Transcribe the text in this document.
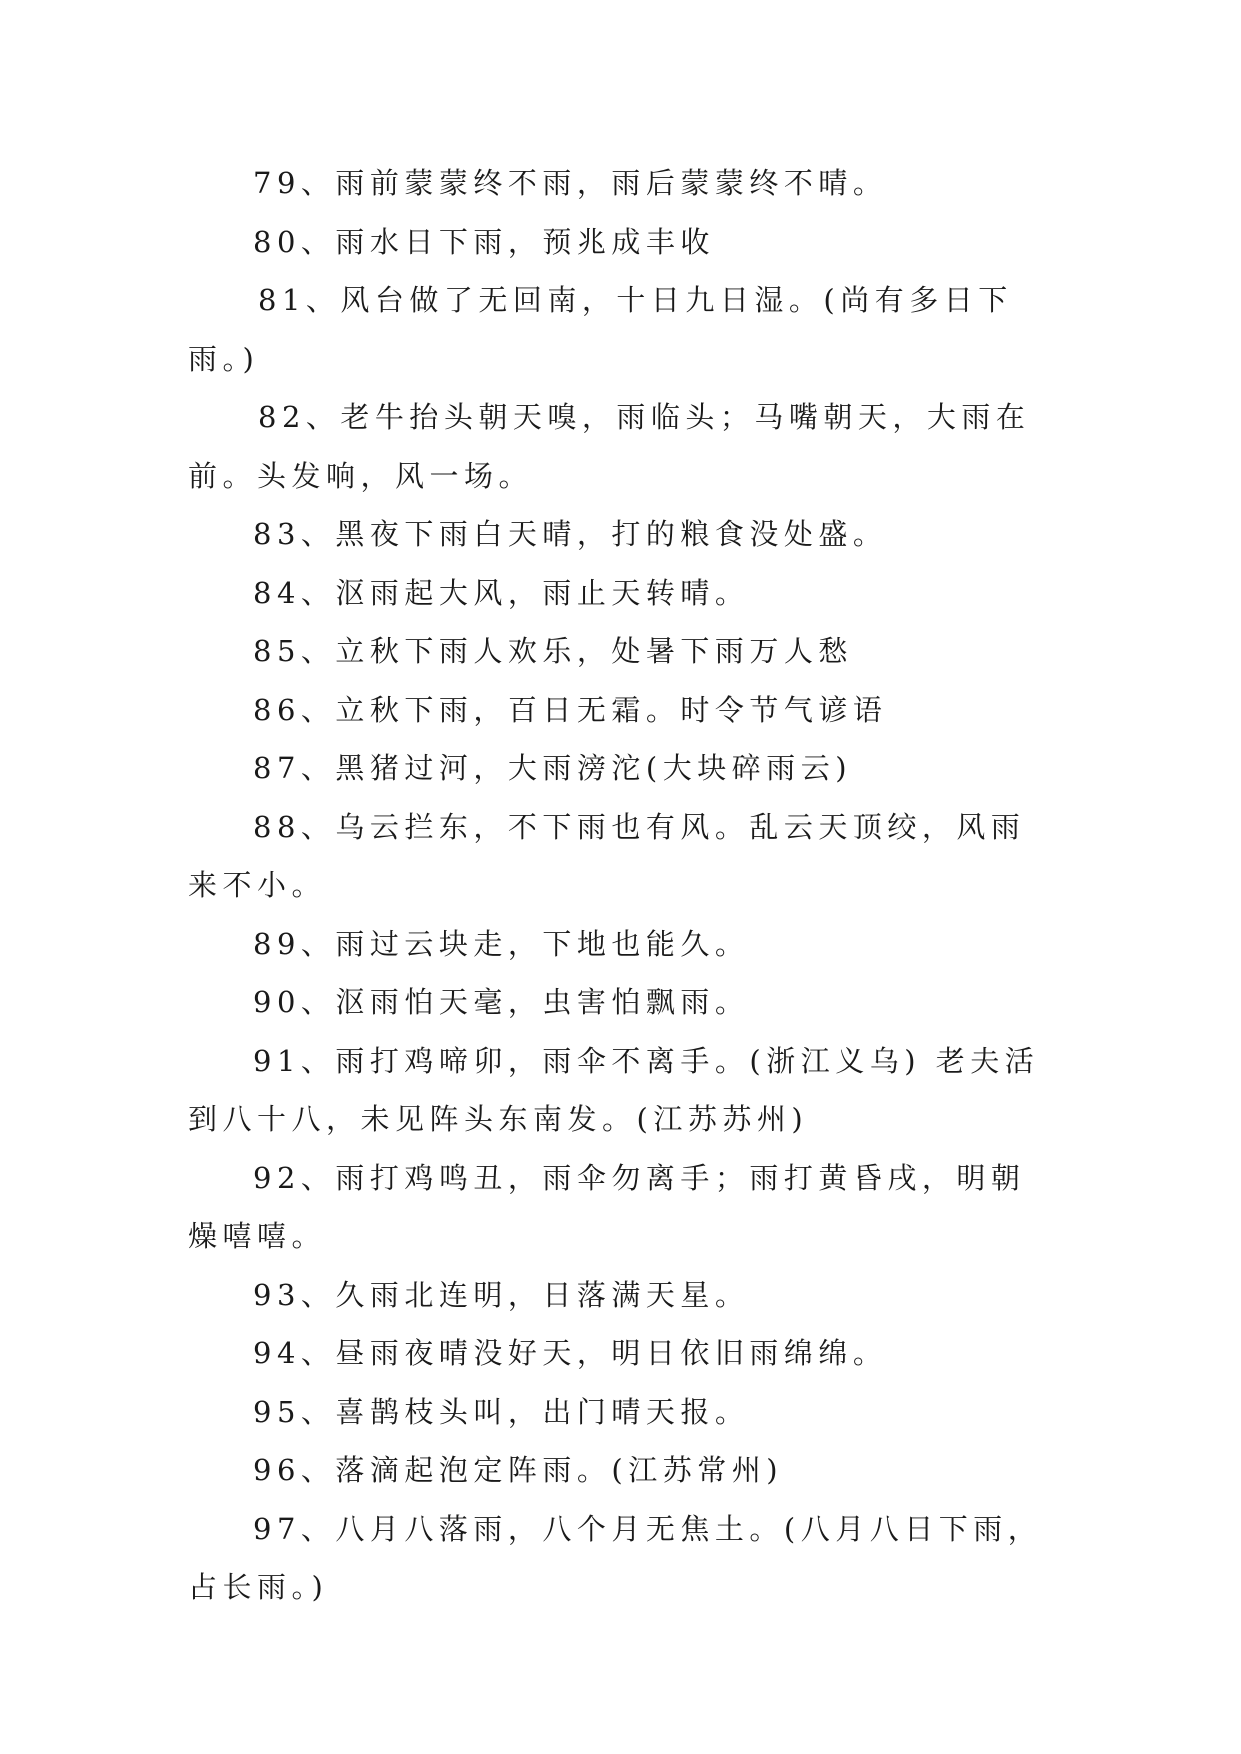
79、雨前蒙蒙终不雨，雨后蒙蒙终不晴。

80、雨水日下雨，预兆成丰收

81、风台做了无回南，十日九日湿。(尚有多日下雨。)

82、老牛抬头朝天嗅，雨临头；马嘴朝天，大雨在前。头发响，风一场。

83、黑夜下雨白天晴，打的粮食没处盛。

84、沤雨起大风，雨止天转晴。

85、立秋下雨人欢乐，处暑下雨万人愁

86、立秋下雨，百日无霜。时令节气谚语

87、黑猪过河，大雨滂沱(大块碎雨云)

88、乌云拦东，不下雨也有风。乱云天顶绞，风雨来不小。

89、雨过云块走，下地也能久。

90、沤雨怕天毫，虫害怕飘雨。

91、雨打鸡啼卯，雨伞不离手。(浙江义乌) 老夫活到八十八，未见阵头东南发。(江苏苏州)

92、雨打鸡鸣丑，雨伞勿离手；雨打黄昏戌，明朝燥嘻嘻。

93、久雨北连明，日落满天星。

94、昼雨夜晴没好天，明日依旧雨绵绵。

95、喜鹊枝头叫，出门晴天报。

96、落滴起泡定阵雨。(江苏常州)

97、八月八落雨，八个月无焦土。(八月八日下雨，占长雨。)
